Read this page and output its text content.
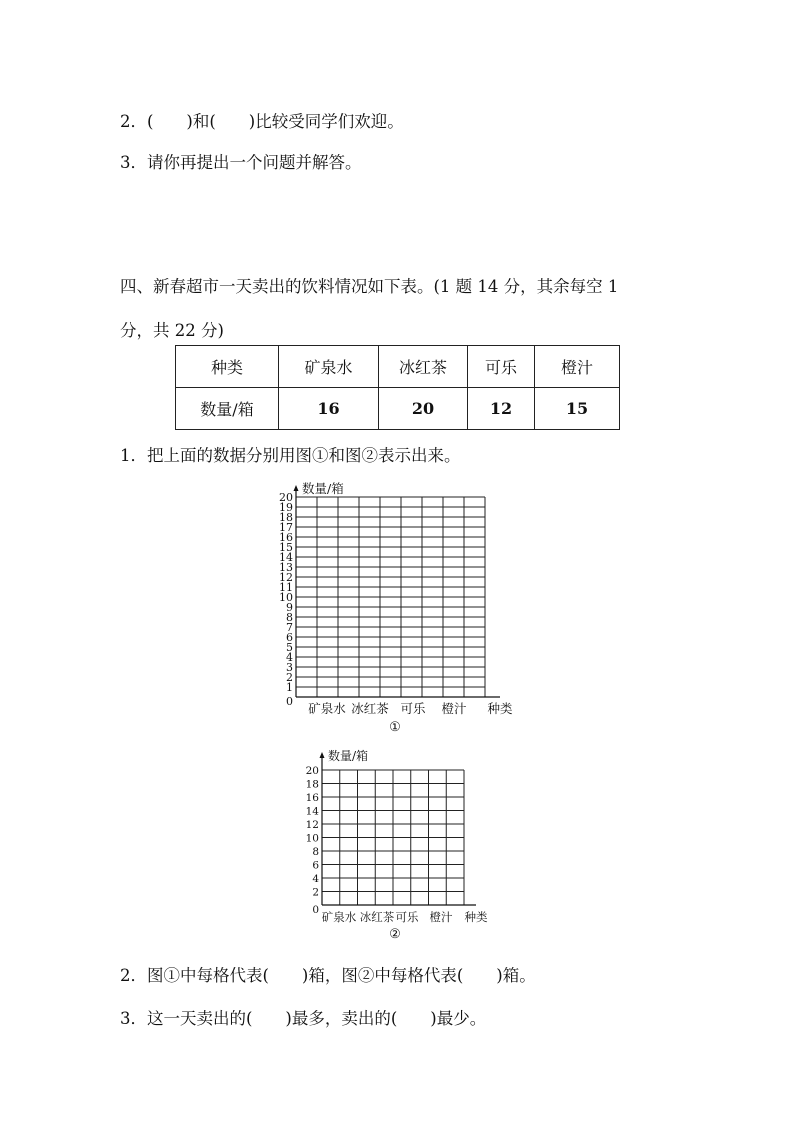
2．(　　)和(　　)比较受同学们欢迎。
3．请你再提出一个问题并解答。
四、新春超市一天卖出的饮料情况如下表。(1 题 14 分，其余每空 1
分，共 22 分)
种类	矿泉水	冰红茶	可乐	橙汁
数量/箱	16	20	12	15
1．把上面的数据分别用图①和图②表示出来。
0
1
2
3
4
5
6
7
8
9
10
11
12
13
14
15
16
17
18
19
20
数量/箱
矿泉水 冰红茶 可乐 橙汁 种类
①
0
2
4
6
8
10
12
14
16
18
20
数量/箱
矿泉水 冰红茶 可乐 橙汁 种类
②
2．图①中每格代表(　　)箱，图②中每格代表(　　)箱。
3．这一天卖出的(　　)最多，卖出的(　　)最少。
